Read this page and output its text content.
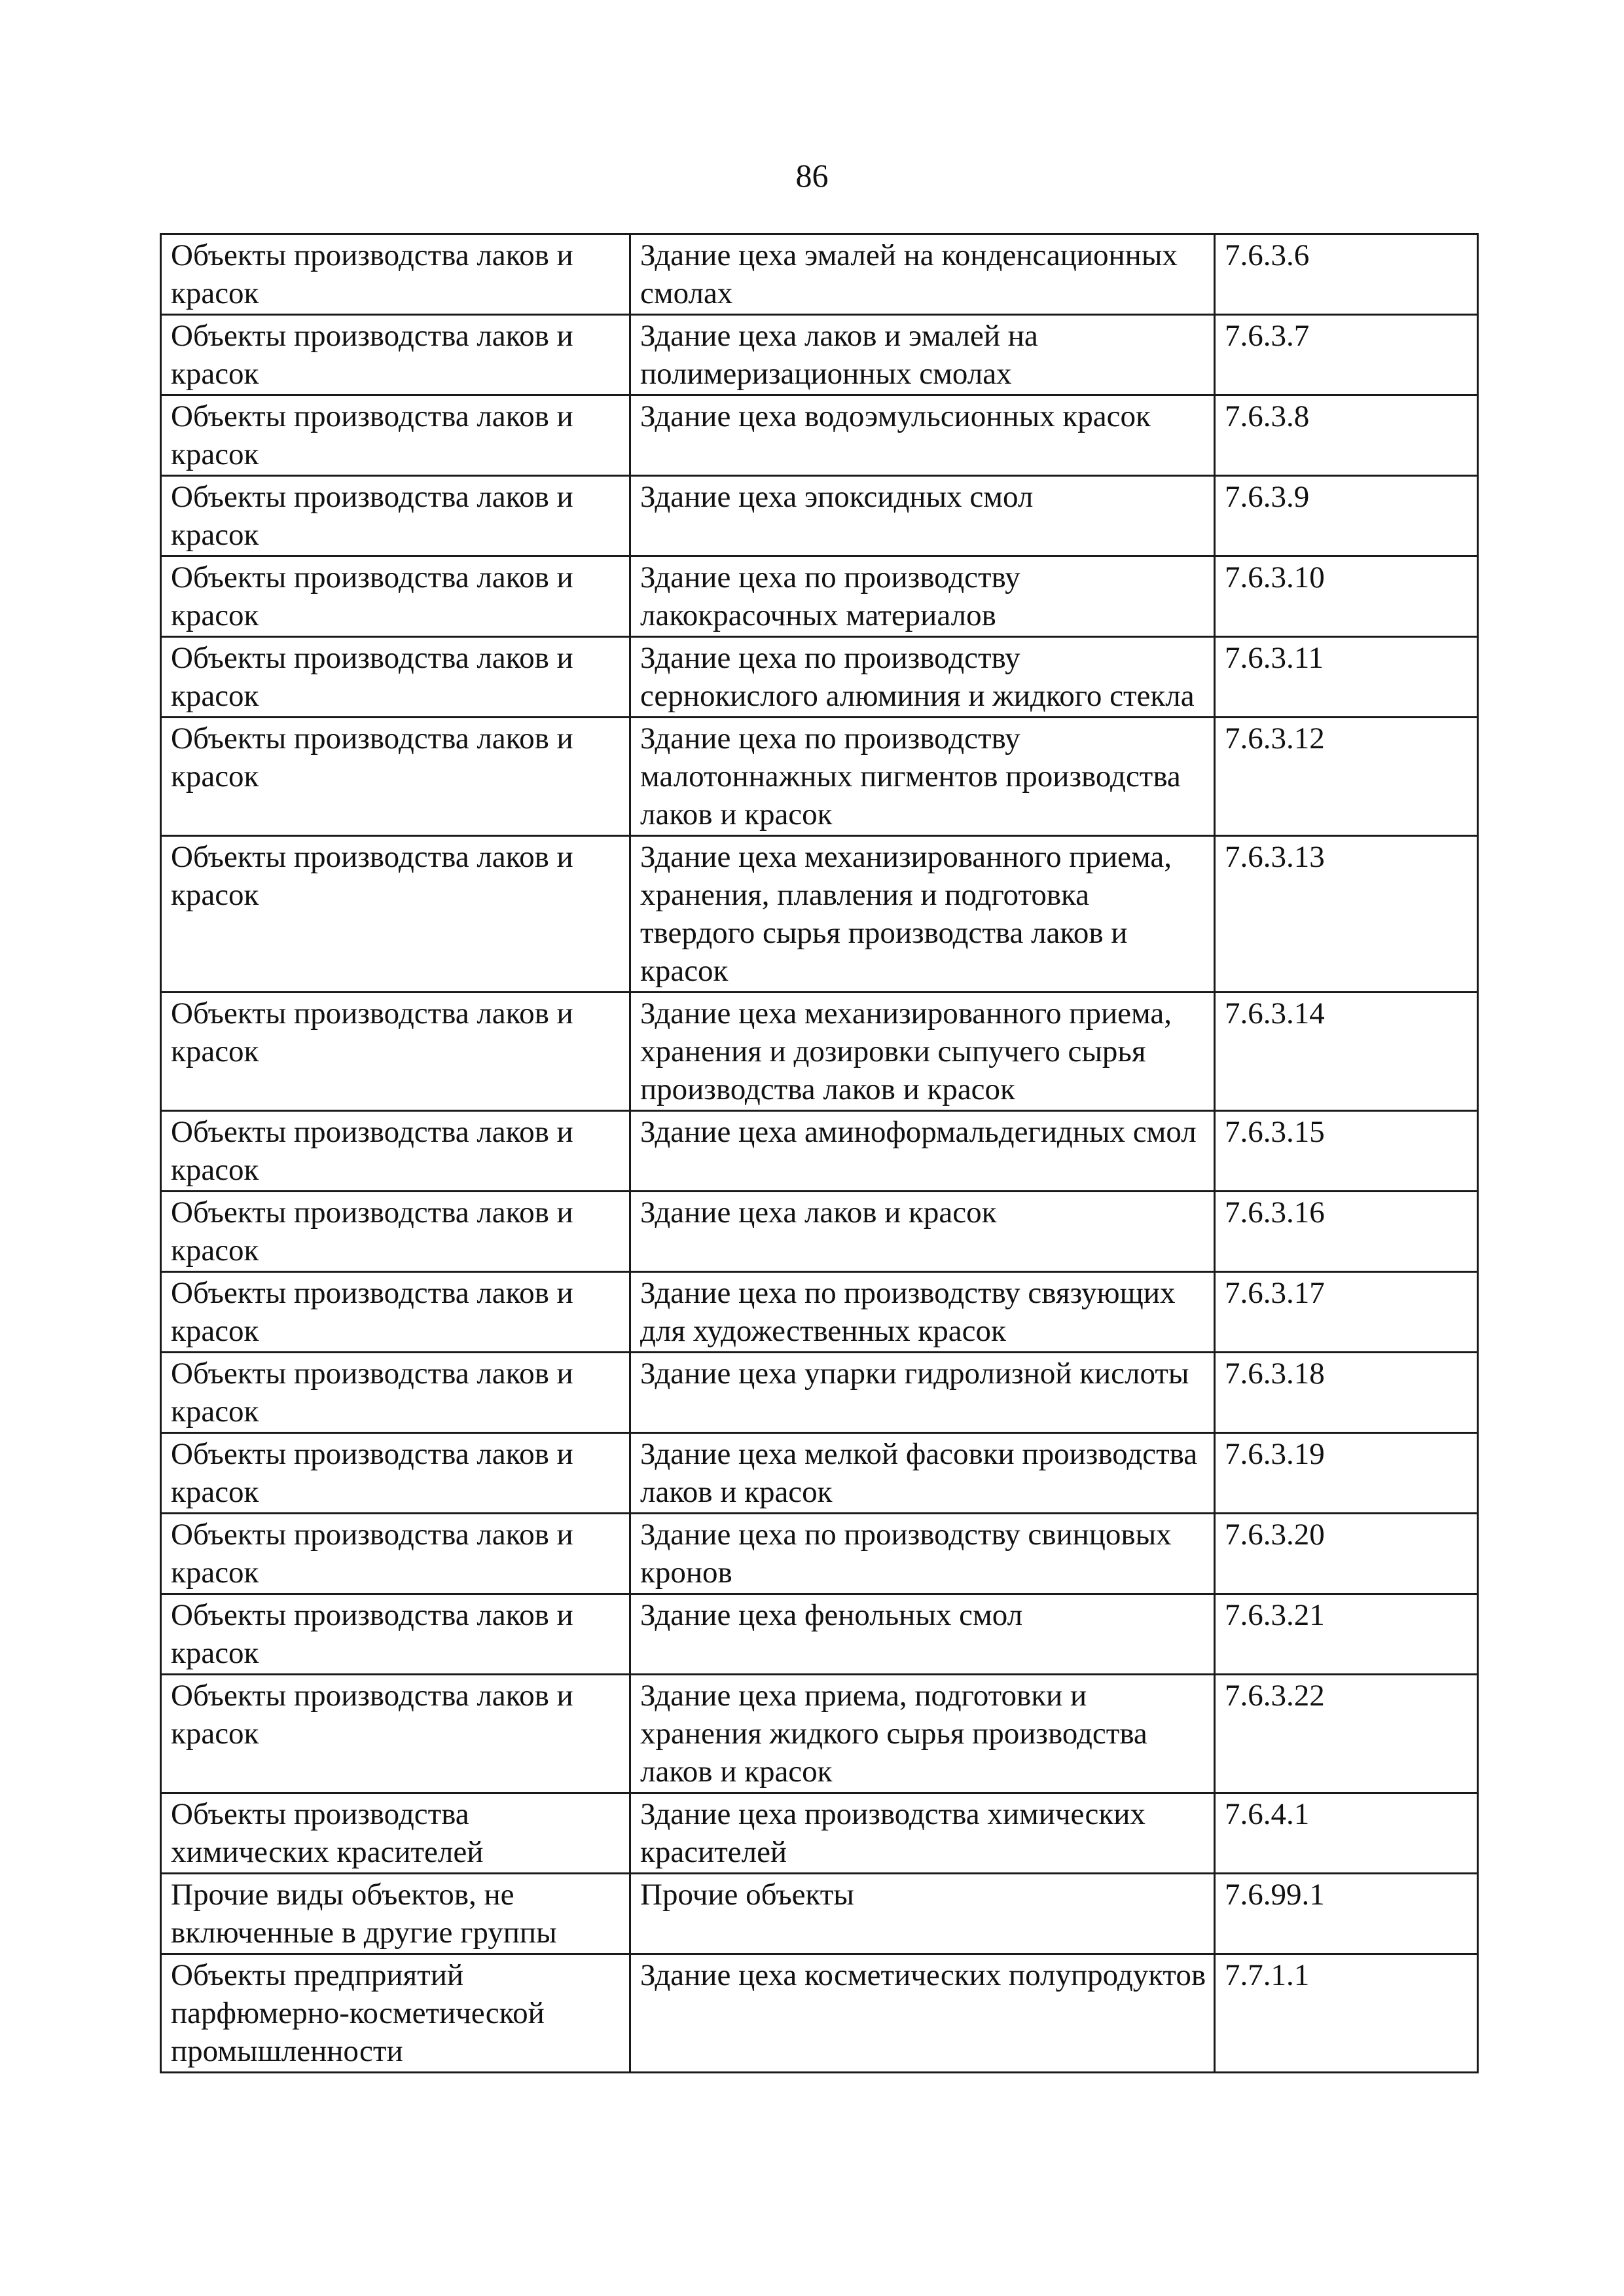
86
Объекты производства лаков и красок	Здание цеха эмалей на конденсационных смолах	7.6.3.6
Объекты производства лаков и красок	Здание цеха лаков и эмалей на полимеризационных смолах	7.6.3.7
Объекты производства лаков и красок	Здание цеха водоэмульсионных красок	7.6.3.8
Объекты производства лаков и красок	Здание цеха эпоксидных смол	7.6.3.9
Объекты производства лаков и красок	Здание цеха по производству лакокрасочных материалов	7.6.3.10
Объекты производства лаков и красок	Здание цеха по производству сернокислого алюминия и жидкого стекла	7.6.3.11
Объекты производства лаков и красок	Здание цеха по производству малотоннажных пигментов производства лаков и красок	7.6.3.12
Объекты производства лаков и красок	Здание цеха механизированного приема, хранения, плавления и подготовка твердого сырья производства лаков и красок	7.6.3.13
Объекты производства лаков и красок	Здание цеха механизированного приема, хранения и дозировки сыпучего сырья производства лаков и красок	7.6.3.14
Объекты производства лаков и красок	Здание цеха аминоформальдегидных смол	7.6.3.15
Объекты производства лаков и красок	Здание цеха лаков и красок	7.6.3.16
Объекты производства лаков и красок	Здание цеха по производству связующих для художественных красок	7.6.3.17
Объекты производства лаков и красок	Здание цеха упарки гидролизной кислоты	7.6.3.18
Объекты производства лаков и красок	Здание цеха мелкой фасовки производства лаков и красок	7.6.3.19
Объекты производства лаков и красок	Здание цеха по производству свинцовых кронов	7.6.3.20
Объекты производства лаков и красок	Здание цеха фенольных смол	7.6.3.21
Объекты производства лаков и красок	Здание цеха приема, подготовки и хранения жидкого сырья производства лаков и красок	7.6.3.22
Объекты производства химических красителей	Здание цеха производства химических красителей	7.6.4.1
Прочие виды объектов, не включенные в другие группы	Прочие объекты	7.6.99.1
Объекты предприятий парфюмерно-косметической промышленности	Здание цеха косметических полупродуктов	7.7.1.1
